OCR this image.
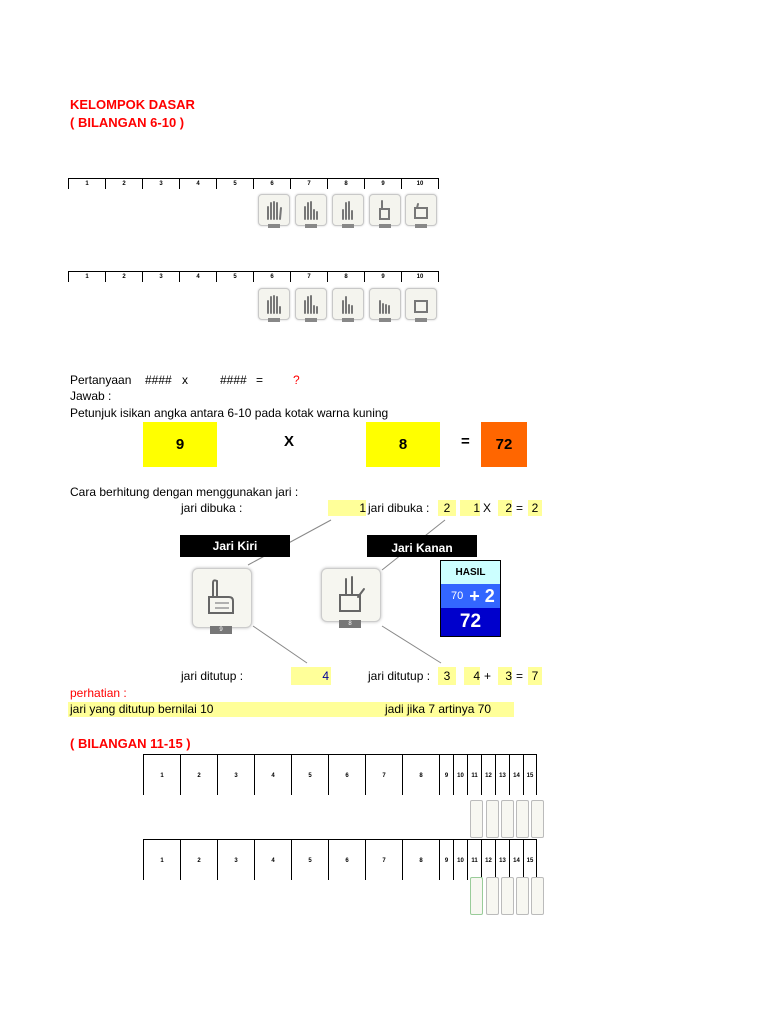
KELOMPOK DASAR
( BILANGAN 6-10 )
1	2	3	4	5	6	7	8	9	10
1	2	3	4	5	6	7	8	9	10
Pertanyaan #### x	#### = ?
Jawab :
Petunjuk isikan angka antara 6-10 pada kotak warna kuning
9	X	8	=	72
Cara berhitung dengan menggunakan jari :
jari dibuka :	1 jari dibuka :	2	1 X	2 = 2
Jari Kiri	Jari Kanan
9
8
HASIL
70 + 2
72
jari ditutup :	4	jari ditutup :	3	4 +	3 = 7
perhatian :
jari yang ditutup bernilai 10	jadi jika 7 artinya 70
( BILANGAN 11-15 )
1	2	3	4	5	6	7	8	9	10	11	12	13	14	15
1	2	3	4	5	6	7	8	9	10	11	12	13	14	15
